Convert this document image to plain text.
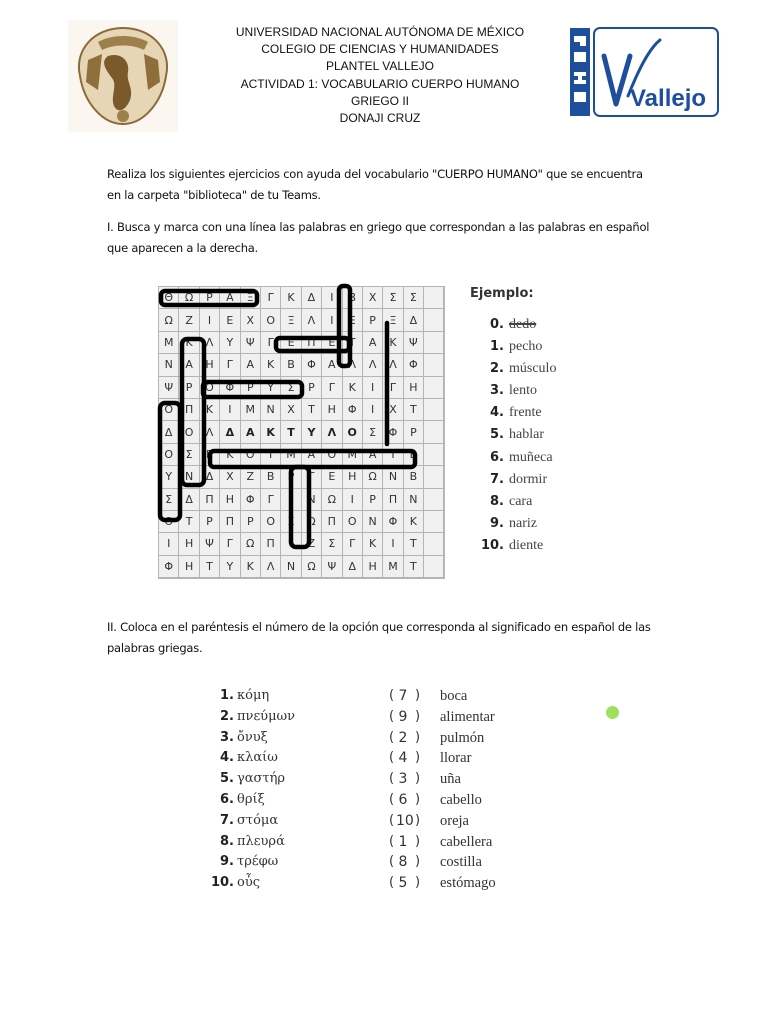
UNIVERSIDAD NACIONAL AUTÓNOMA DE MÉXICO
COLEGIO DE CIENCIAS Y HUMANIDADES
PLANTEL VALLEJO
ACTIVIDAD 1: VOCABULARIO CUERPO HUMANO
GRIEGO II
DONAJI CRUZ
Vallejo
Realiza los siguientes ejercicios con ayuda del vocabulario "CUERPO HUMANO" que se encuentra
en la carpeta "biblioteca" de tu Teams.
I. Busca y marca con una línea las palabras en griego que correspondan a las palabras en español
que aparecen a la derecha.
Θ	Ω	Ρ	Α	Ξ	Γ	Κ	Δ	Ι	Β	Χ	Σ	Σ
Ω	Ζ	Ι	Ε	Χ	Ο	Ξ	Λ	Ι	Ε	Ρ	Ξ	Δ
Μ	Κ	Λ	Υ	Ψ	Γ	Ε	Π	Ε	Τ	Α	Κ	Ψ
Ν	Α	Η	Γ	Α	Κ	Β	Φ	Α	Λ	Λ	Λ	Φ
Ψ	Ρ	Ο	Φ	Ρ	Υ	Σ	Ρ	Γ	Κ	Ι	Γ	Η
Ο	Π	Κ	Ι	Μ	Ν	Χ	Τ	Η	Φ	Ι	Χ	Τ
Δ	Ο	Λ	Δ	Α	Κ	Τ	Υ	Λ	Ο	Σ	Φ	Ρ
Ο	Σ	Ε	Κ	Ο	Ι	Μ	Α	Ο	Μ	Α	Ι	Β
Υ	Ν	Δ	Χ	Ζ	Β	Ρ	Γ	Ε	Η	Ω	Ν	Β
Σ	Δ	Π	Η	Φ	Γ	Ι	Ν	Ω	Ι	Ρ	Π	Ν
Θ	Τ	Ρ	Π	Ρ	Ο	Σ	Ω	Π	Ο	Ν	Φ	Κ
Ι	Η	Ψ	Γ	Ω	Π	Ι	Ζ	Σ	Γ	Κ	Ι	Τ
Φ	Η	Τ	Υ	Κ	Λ	Ν	Ω	Ψ	Δ	Η	Μ	Τ
Ejemplo:
0. dedo
1. pecho
2. músculo
3. lento
4. frente
5. hablar
6. muñeca
7. dormir
8. cara
9. nariz
10. diente
II. Coloca en el paréntesis el número de la opción que corresponda al significado en español de las
palabras griegas.
1. κόμη	( 7 ) boca
2. πνεύμων	( 9 ) alimentar
3. ὄνυξ	( 2 ) pulmón
4. κλαίω	( 4 ) llorar
5. γαστήρ	( 3 ) uña
6. θρίξ	( 6 ) cabello
7. στόμα	( 10 ) oreja
8. πλευρά	( 1 ) cabellera
9. τρέφω	( 8 ) costilla
10. οὖς	( 5 ) estómago
